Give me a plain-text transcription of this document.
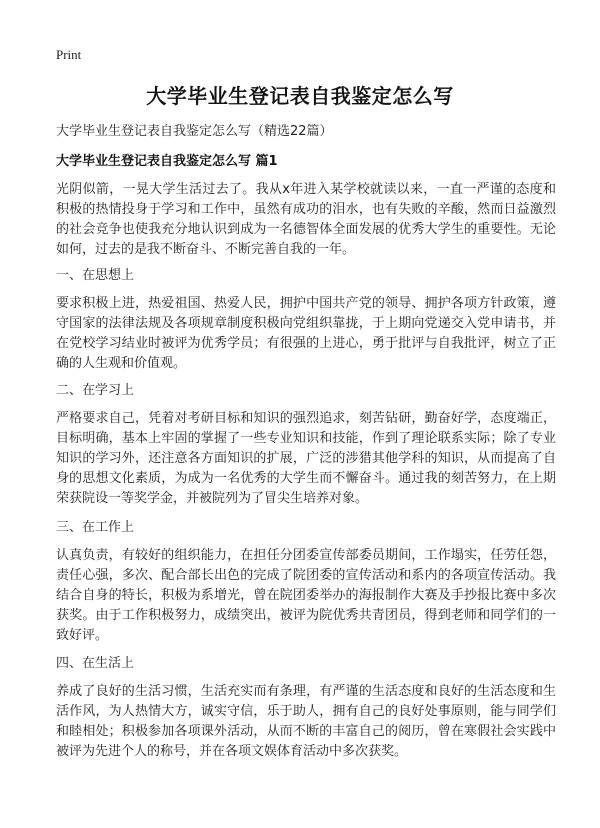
Print
大学毕业生登记表自我鉴定怎么写
大学毕业生登记表自我鉴定怎么写（精选22篇）
大学毕业生登记表自我鉴定怎么写 篇1

光阴似箭，一晃大学生活过去了。我从x年进入某学校就读以来，一直一严谨的态度和积极的热情投身于学习和工作中，虽然有成功的泪水，也有失败的辛酸，然而日益激烈的社会竞争也使我充分地认识到成为一名德智体全面发展的优秀大学生的重要性。无论如何，过去的是我不断奋斗、不断完善自我的一年。

一、在思想上

要求积极上进，热爱祖国、热爱人民，拥护中国共产党的领导、拥护各项方针政策，遵守国家的法律法规及各项规章制度积极向党组织靠拢，于上期向党递交入党申请书，并在党校学习结业时被评为优秀学员；有很强的上进心，勇于批评与自我批评，树立了正确的人生观和价值观。

二、在学习上

严格要求自己，凭着对考研目标和知识的强烈追求，刻苦钻研，勤奋好学，态度端正，目标明确，基本上牢固的掌握了一些专业知识和技能，作到了理论联系实际；除了专业知识的学习外，还注意各方面知识的扩展，广泛的涉猎其他学科的知识，从而提高了自身的思想文化素质，为成为一名优秀的大学生而不懈奋斗。通过我的刻苦努力，在上期荣获院设一等奖学金，并被院列为了冒尖生培养对象。

三、在工作上

认真负责，有较好的组织能力，在担任分团委宣传部委员期间，工作塌实，任劳任怨，责任心强，多次、配合部长出色的完成了院团委的宣传活动和系内的各项宣传活动。我结合自身的特长，积极为系增光，曾在院团委举办的海报制作大赛及手抄报比赛中多次获奖。由于工作积极努力，成绩突出，被评为院优秀共青团员，得到老师和同学们的一致好评。

四、在生活上

养成了良好的生活习惯，生活充实而有条理，有严谨的生活态度和良好的生活态度和生活作风，为人热情大方，诚实守信，乐于助人，拥有自己的良好处事原则，能与同学们和睦相处；积极参加各项课外活动，从而不断的丰富自己的阅历，曾在寒假社会实践中被评为先进个人的称号，并在各项文娱体育活动中多次获奖。
